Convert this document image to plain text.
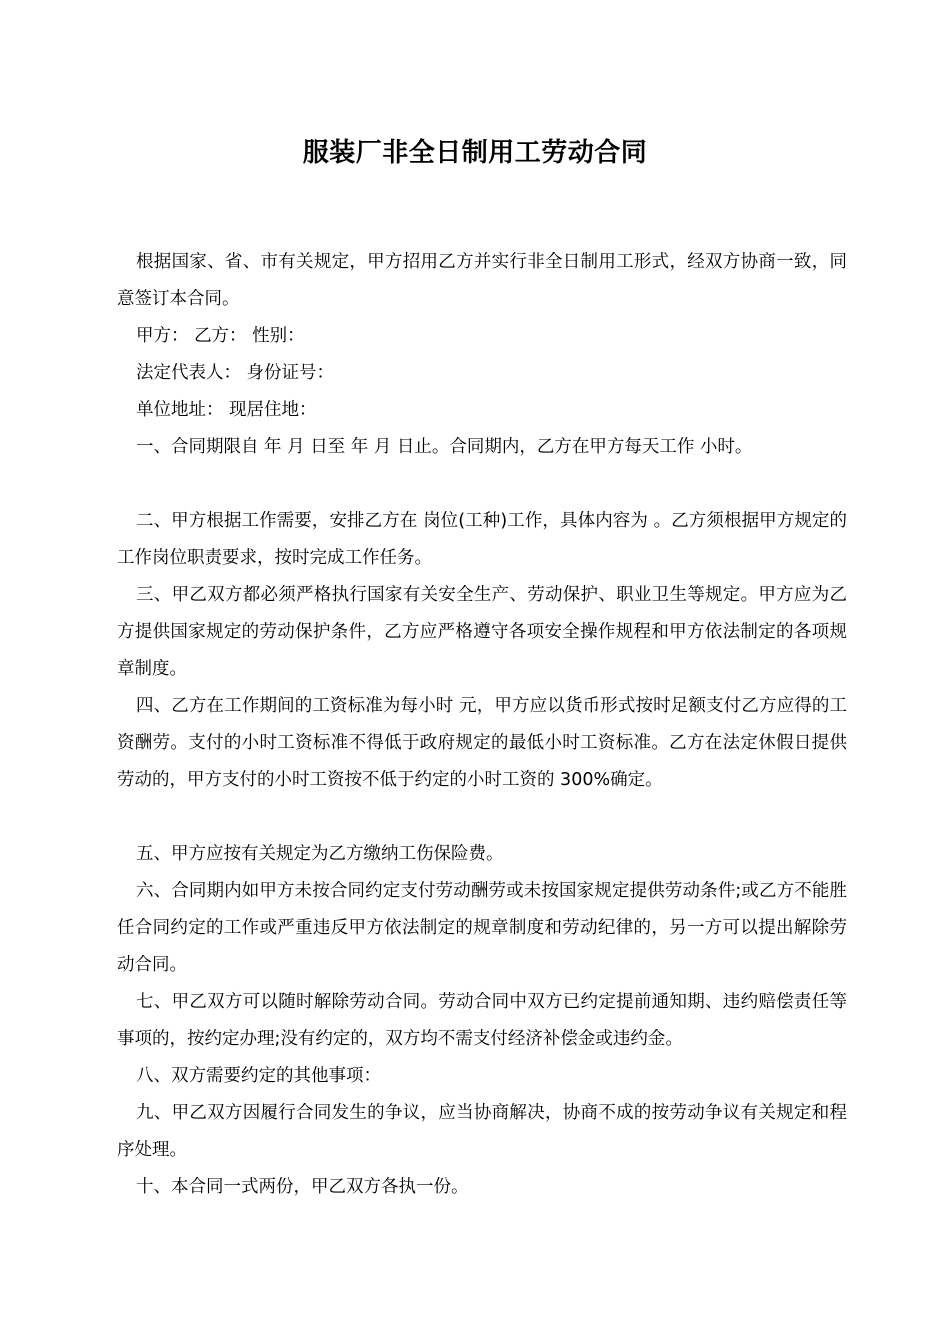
服装厂非全日制用工劳动合同

根据国家、省、市有关规定，甲方招用乙方并实行非全日制用工形式，经双方协商一致，同意签订本合同。

甲方： 乙方： 性别：

法定代表人： 身份证号：

单位地址： 现居住地：

一、合同期限自 年 月 日至 年 月 日止。合同期内，乙方在甲方每天工作 小时。

二、甲方根据工作需要，安排乙方在 岗位(工种)工作，具体内容为 。乙方须根据甲方规定的工作岗位职责要求，按时完成工作任务。

三、甲乙双方都必须严格执行国家有关安全生产、劳动保护、职业卫生等规定。甲方应为乙方提供国家规定的劳动保护条件，乙方应严格遵守各项安全操作规程和甲方依法制定的各项规章制度。

四、乙方在工作期间的工资标准为每小时 元，甲方应以货币形式按时足额支付乙方应得的工资酬劳。支付的小时工资标准不得低于政府规定的最低小时工资标准。乙方在法定休假日提供劳动的，甲方支付的小时工资按不低于约定的小时工资的 300%确定。

五、甲方应按有关规定为乙方缴纳工伤保险费。

六、合同期内如甲方未按合同约定支付劳动酬劳或未按国家规定提供劳动条件;或乙方不能胜任合同约定的工作或严重违反甲方依法制定的规章制度和劳动纪律的，另一方可以提出解除劳动合同。

七、甲乙双方可以随时解除劳动合同。劳动合同中双方已约定提前通知期、违约赔偿责任等事项的，按约定办理;没有约定的，双方均不需支付经济补偿金或违约金。

八、双方需要约定的其他事项：

九、甲乙双方因履行合同发生的争议，应当协商解决，协商不成的按劳动争议有关规定和程序处理。

十、本合同一式两份，甲乙双方各执一份。
